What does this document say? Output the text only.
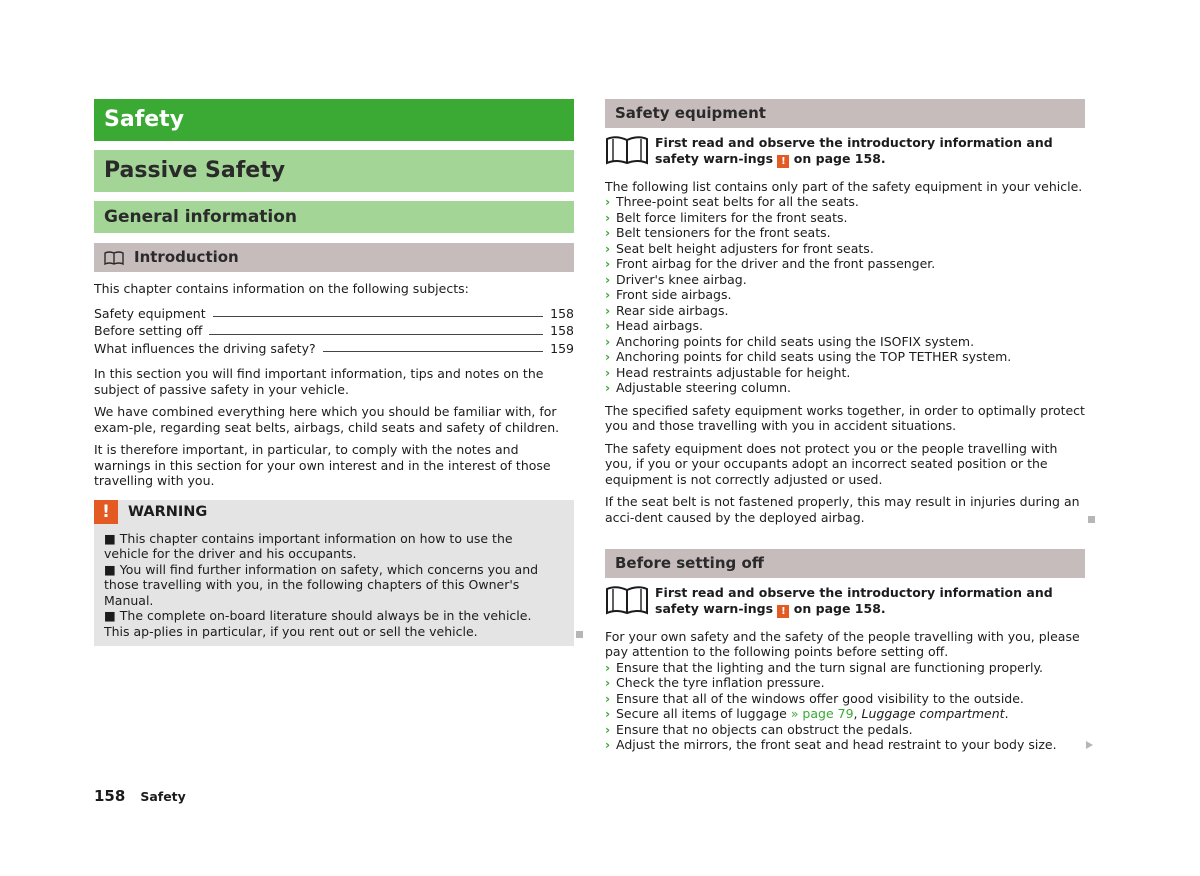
Safety
Passive Safety
General information
Introduction

This chapter contains information on the following subjects:

Safety equipment	158
Before setting off	158
What influences the driving safety?	159

In this section you will find important information, tips and notes on the subject of passive safety in your vehicle.

We have combined everything here which you should be familiar with, for exam-ple, regarding seat belts, airbags, child seats and safety of children.

It is therefore important, in particular, to comply with the notes and warnings in this section for your own interest and in the interest of those travelling with you.

!	WARNING
■ This chapter contains important information on how to use the vehicle for the driver and his occupants.
■ You will find further information on safety, which concerns you and those travelling with you, in the following chapters of this Owner's Manual.
■ The complete on-board literature should always be in the vehicle. This ap-plies in particular, if you rent out or sell the vehicle.
Safety equipment
First read and observe the introductory information and safety warn-ings ! on page 158.

The following list contains only part of the safety equipment in your vehicle.

› Three-point seat belts for all the seats.
› Belt force limiters for the front seats.
› Belt tensioners for the front seats.
› Seat belt height adjusters for front seats.
› Front airbag for the driver and the front passenger.
› Driver's knee airbag.
› Front side airbags.
› Rear side airbags.
› Head airbags.
› Anchoring points for child seats using the ISOFIX system.
› Anchoring points for child seats using the TOP TETHER system.
› Head restraints adjustable for height.
› Adjustable steering column.

The specified safety equipment works together, in order to optimally protect you and those travelling with you in accident situations.

The safety equipment does not protect you or the people travelling with you, if you or your occupants adopt an incorrect seated position or the equipment is not correctly adjusted or used.

If the seat belt is not fastened properly, this may result in injuries during an acci-dent caused by the deployed airbag.

Before setting off
First read and observe the introductory information and safety warn-ings ! on page 158.

For your own safety and the safety of the people travelling with you, please pay attention to the following points before setting off.

› Ensure that the lighting and the turn signal are functioning properly.
› Check the tyre inflation pressure.
› Ensure that all of the windows offer good visibility to the outside.
› Secure all items of luggage » page 79, Luggage compartment.
› Ensure that no objects can obstruct the pedals.
› Adjust the mirrors, the front seat and head restraint to your body size.
158 Safety
